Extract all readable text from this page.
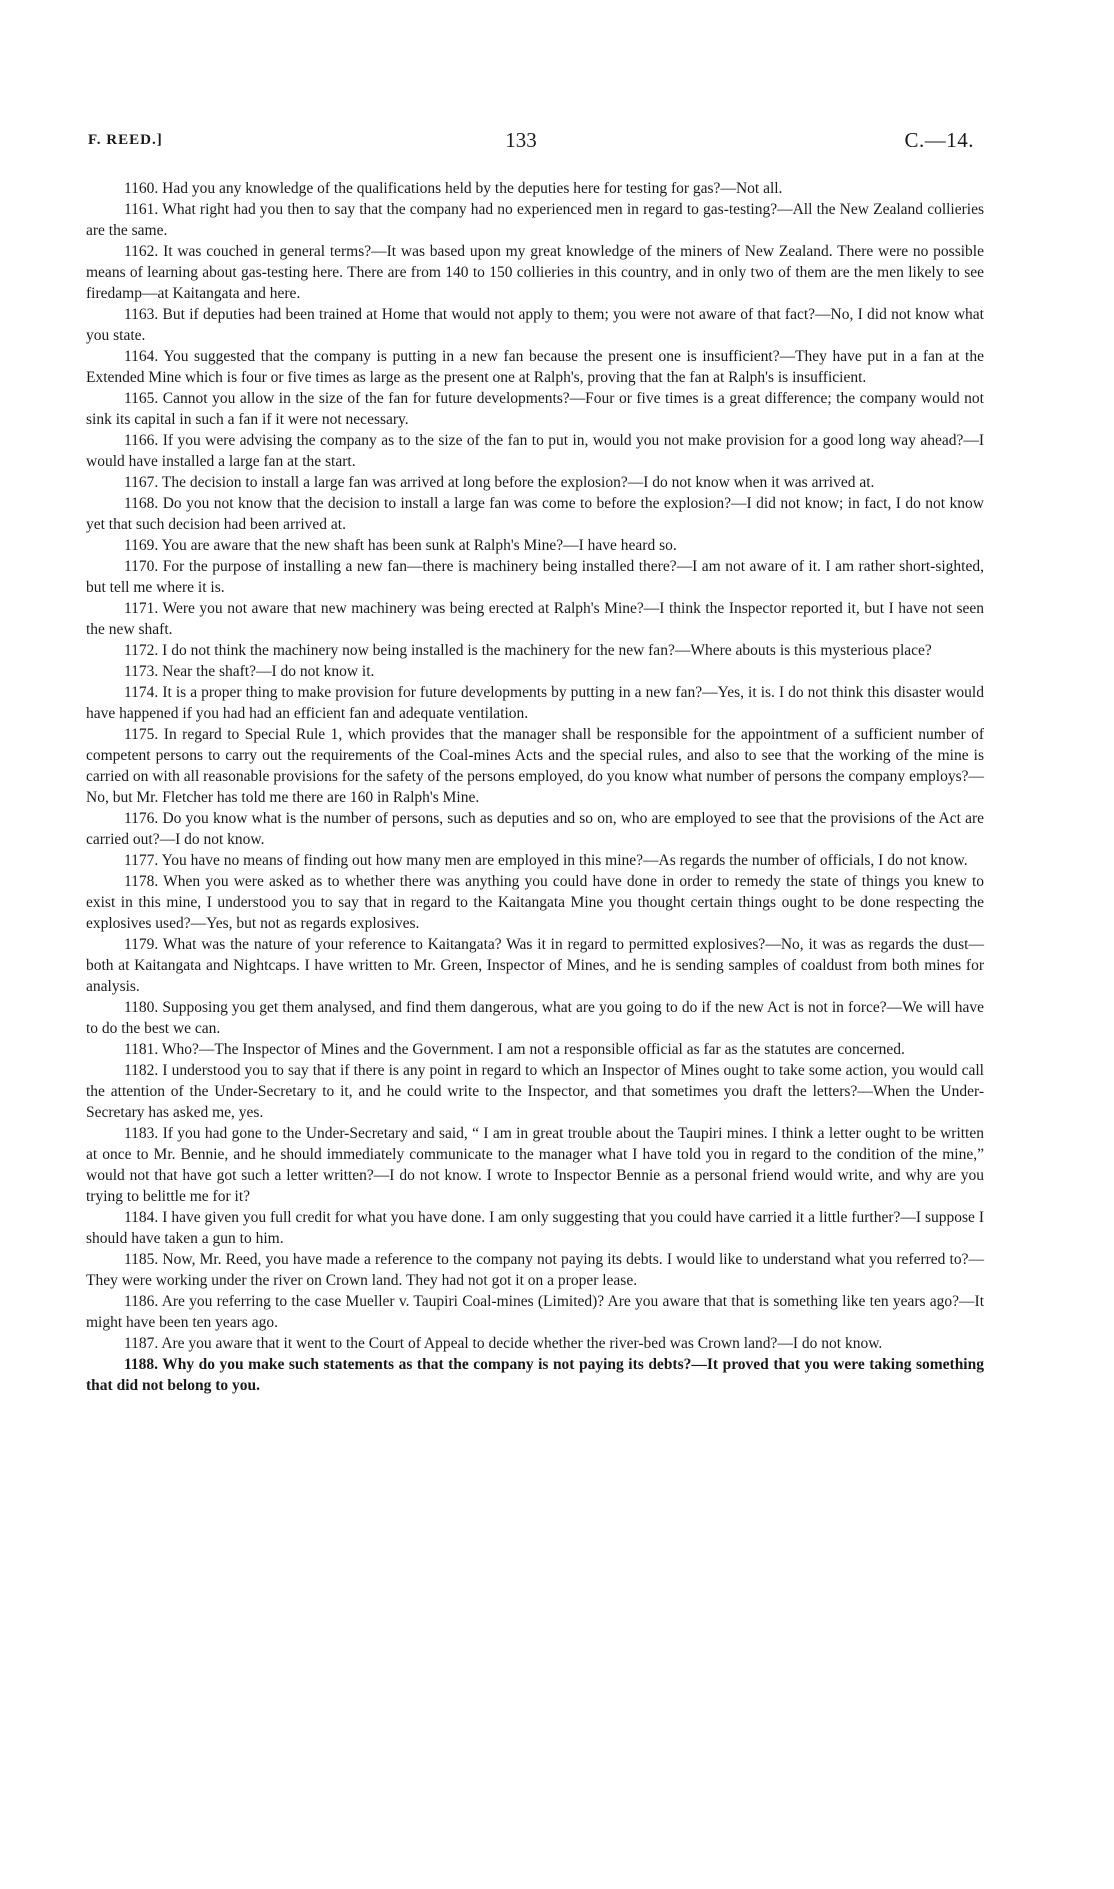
F. REED.]	133	C.—14.

1160. Had you any knowledge of the qualifications held by the deputies here for testing for gas?—Not all.

1161. What right had you then to say that the company had no experienced men in regard to gas-testing?—All the New Zealand collieries are the same.

1162. It was couched in general terms?—It was based upon my great knowledge of the miners of New Zealand. There were no possible means of learning about gas-testing here. There are from 140 to 150 collieries in this country, and in only two of them are the men likely to see firedamp—at Kaitangata and here.

1163. But if deputies had been trained at Home that would not apply to them; you were not aware of that fact?—No, I did not know what you state.

1164. You suggested that the company is putting in a new fan because the present one is insufficient?—They have put in a fan at the Extended Mine which is four or five times as large as the present one at Ralph's, proving that the fan at Ralph's is insufficient.

1165. Cannot you allow in the size of the fan for future developments?—Four or five times is a great difference; the company would not sink its capital in such a fan if it were not necessary.

1166. If you were advising the company as to the size of the fan to put in, would you not make provision for a good long way ahead?—I would have installed a large fan at the start.

1167. The decision to install a large fan was arrived at long before the explosion?—I do not know when it was arrived at.

1168. Do you not know that the decision to install a large fan was come to before the explosion?—I did not know; in fact, I do not know yet that such decision had been arrived at.

1169. You are aware that the new shaft has been sunk at Ralph's Mine?—I have heard so.

1170. For the purpose of installing a new fan—there is machinery being installed there?—I am not aware of it. I am rather short-sighted, but tell me where it is.

1171. Were you not aware that new machinery was being erected at Ralph's Mine?—I think the Inspector reported it, but I have not seen the new shaft.

1172. I do not think the machinery now being installed is the machinery for the new fan?—Where abouts is this mysterious place?

1173. Near the shaft?—I do not know it.

1174. It is a proper thing to make provision for future developments by putting in a new fan?—Yes, it is. I do not think this disaster would have happened if you had had an efficient fan and adequate ventilation.

1175. In regard to Special Rule 1, which provides that the manager shall be responsible for the appointment of a sufficient number of competent persons to carry out the requirements of the Coal-mines Acts and the special rules, and also to see that the working of the mine is carried on with all reasonable provisions for the safety of the persons employed, do you know what number of persons the company employs?—No, but Mr. Fletcher has told me there are 160 in Ralph's Mine.

1176. Do you know what is the number of persons, such as deputies and so on, who are employed to see that the provisions of the Act are carried out?—I do not know.

1177. You have no means of finding out how many men are employed in this mine?—As regards the number of officials, I do not know.

1178. When you were asked as to whether there was anything you could have done in order to remedy the state of things you knew to exist in this mine, I understood you to say that in regard to the Kaitangata Mine you thought certain things ought to be done respecting the explosives used?—Yes, but not as regards explosives.

1179. What was the nature of your reference to Kaitangata? Was it in regard to permitted explosives?—No, it was as regards the dust—both at Kaitangata and Nightcaps. I have written to Mr. Green, Inspector of Mines, and he is sending samples of coaldust from both mines for analysis.

1180. Supposing you get them analysed, and find them dangerous, what are you going to do if the new Act is not in force?—We will have to do the best we can.

1181. Who?—The Inspector of Mines and the Government. I am not a responsible official as far as the statutes are concerned.

1182. I understood you to say that if there is any point in regard to which an Inspector of Mines ought to take some action, you would call the attention of the Under-Secretary to it, and he could write to the Inspector, and that sometimes you draft the letters?—When the Under-Secretary has asked me, yes.

1183. If you had gone to the Under-Secretary and said, “ I am in great trouble about the Taupiri mines. I think a letter ought to be written at once to Mr. Bennie, and he should immediately communicate to the manager what I have told you in regard to the condition of the mine,” would not that have got such a letter written?—I do not know. I wrote to Inspector Bennie as a personal friend would write, and why are you trying to belittle me for it?

1184. I have given you full credit for what you have done. I am only suggesting that you could have carried it a little further?—I suppose I should have taken a gun to him.

1185. Now, Mr. Reed, you have made a reference to the company not paying its debts. I would like to understand what you referred to?—They were working under the river on Crown land. They had not got it on a proper lease.

1186. Are you referring to the case Mueller v. Taupiri Coal-mines (Limited)? Are you aware that that is something like ten years ago?—It might have been ten years ago.

1187. Are you aware that it went to the Court of Appeal to decide whether the river-bed was Crown land?—I do not know.

1188. Why do you make such statements as that the company is not paying its debts?—It proved that you were taking something that did not belong to you.
